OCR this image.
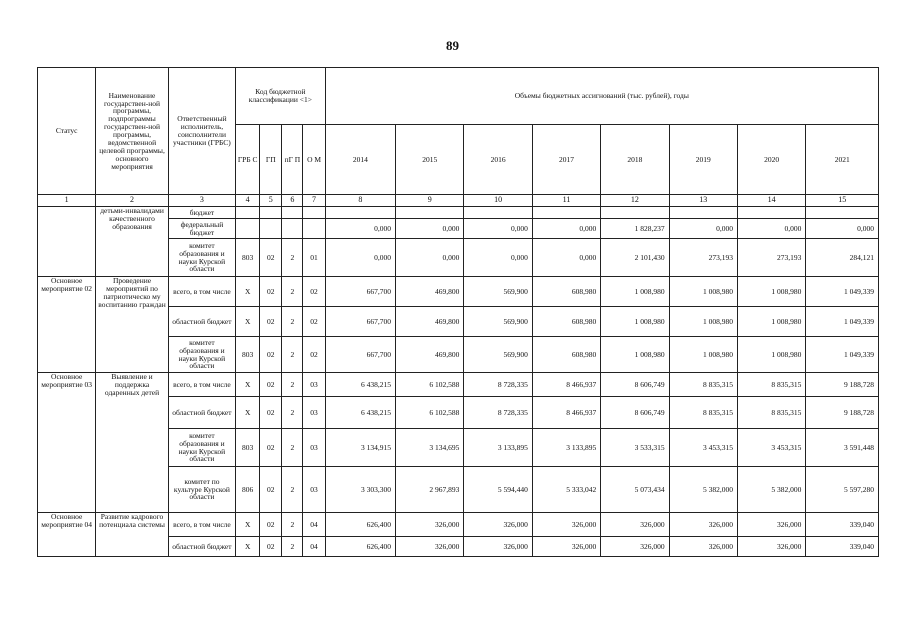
89
Статус	Наименование государствен-ной программы, подпрограммы государствен-ной программы, ведомственной целевой программы, основного мероприятия	Ответственный исполнитель, соисполнители участники (ГРБС)	Код бюджетной классификации <1>				Объемы бюджетных ассигнований (тыс. рублей), годы							
			ГРБ С	ГП	пГ П	О М	2014	2015	2016	2017	2018	2019	2020	2021
1	2	3	4	5	6	7	8	9	10	11	12	13	14	15
	детьми-инвалидами качественного образования	бюджет												
		федеральный бюджет					0,000	0,000	0,000	0,000	1 828,237	0,000	0,000	0,000
		комитет образования и науки Курской области	803	02	2	01	0,000	0,000	0,000	0,000	2 101,430	273,193	273,193	284,121
Основное мероприятие 02	Проведение мероприятий по патриотическо му воспитанию граждан	всего, в том числе	Х	02	2	02	667,700	469,800	569,900	608,980	1 008,980	1 008,980	1 008,980	1 049,339
		областной бюджет	Х	02	2	02	667,700	469,800	569,900	608,980	1 008,980	1 008,980	1 008,980	1 049,339
		комитет образования и науки Курской области	803	02	2	02	667,700	469,800	569,900	608,980	1 008,980	1 008,980	1 008,980	1 049,339
Основное мероприятие 03	Выявление и поддержка одаренных детей	всего, в том числе	Х	02	2	03	6 438,215	6 102,588	8 728,335	8 466,937	8 606,749	8 835,315	8 835,315	9 188,728
		областной бюджет	Х	02	2	03	6 438,215	6 102,588	8 728,335	8 466,937	8 606,749	8 835,315	8 835,315	9 188,728
		комитет образования и науки Курской области	803	02	2	03	3 134,915	3 134,695	3 133,895	3 133,895	3 533,315	3 453,315	3 453,315	3 591,448
		комитет по культуре Курской области	806	02	2	03	3 303,300	2 967,893	5 594,440	5 333,042	5 073,434	5 382,000	5 382,000	5 597,280
Основное мероприятие 04	Развитие кадрового потенциала системы	всего, в том числе	Х	02	2	04	626,400	326,000	326,000	326,000	326,000	326,000	326,000	339,040
		областной бюджет	Х	02	2	04	626,400	326,000	326,000	326,000	326,000	326,000	326,000	339,040
